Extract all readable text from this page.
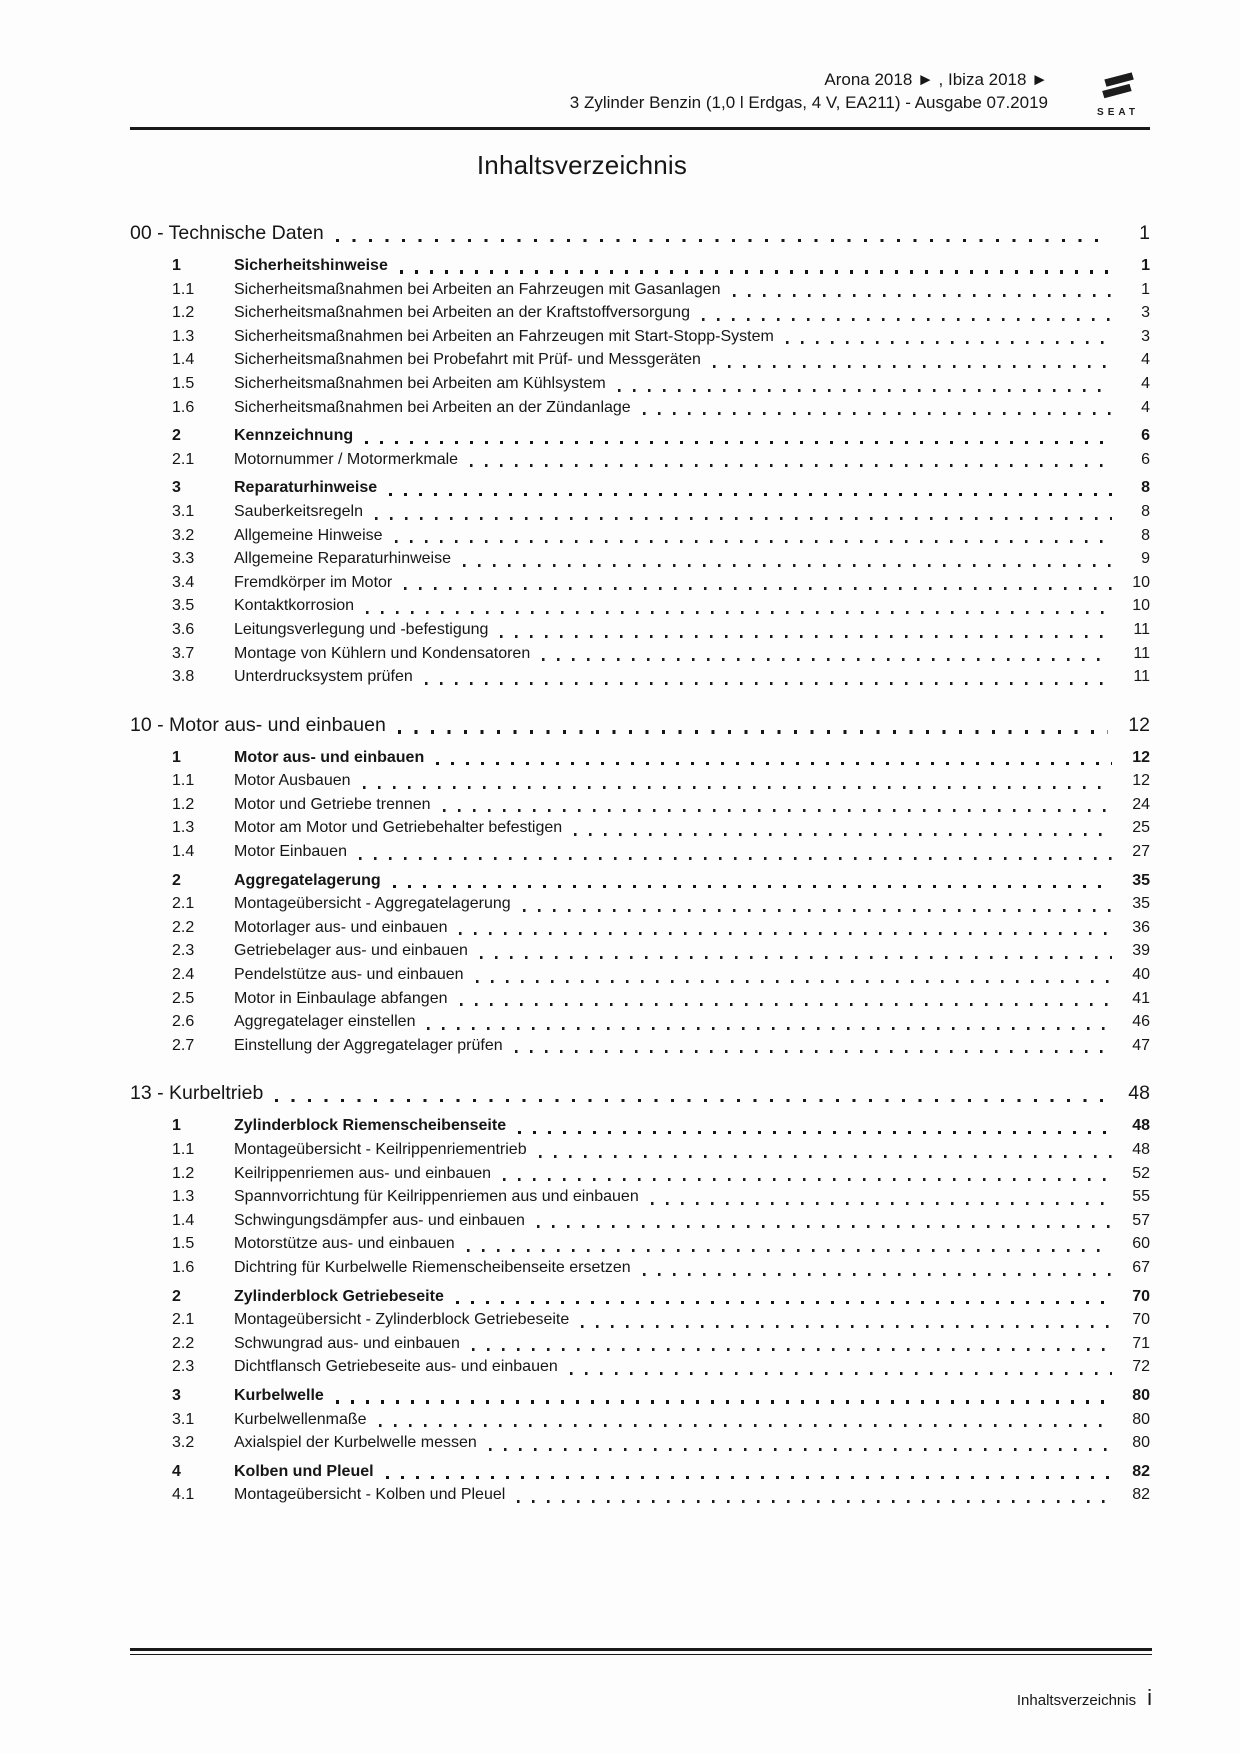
Arona 2018 ► , Ibiza 2018 ►
3 Zylinder Benzin (1,0 l Erdgas, 4 V, EA211) - Ausgabe 07.2019
SEAT
Inhaltsverzeichnis
00 - Technische Daten	1
1	Sicherheitshinweise	1
1.1	Sicherheitsmaßnahmen bei Arbeiten an Fahrzeugen mit Gasanlagen	1
1.2	Sicherheitsmaßnahmen bei Arbeiten an der Kraftstoffversorgung	3
1.3	Sicherheitsmaßnahmen bei Arbeiten an Fahrzeugen mit Start-Stopp-System	3
1.4	Sicherheitsmaßnahmen bei Probefahrt mit Prüf- und Messgeräten	4
1.5	Sicherheitsmaßnahmen bei Arbeiten am Kühlsystem	4
1.6	Sicherheitsmaßnahmen bei Arbeiten an der Zündanlage	4
2	Kennzeichnung	6
2.1	Motornummer / Motormerkmale	6
3	Reparaturhinweise	8
3.1	Sauberkeitsregeln	8
3.2	Allgemeine Hinweise	8
3.3	Allgemeine Reparaturhinweise	9
3.4	Fremdkörper im Motor	10
3.5	Kontaktkorrosion	10
3.6	Leitungsverlegung und -befestigung	11
3.7	Montage von Kühlern und Kondensatoren	11
3.8	Unterdrucksystem prüfen	11
10 - Motor aus- und einbauen	12
1	Motor aus- und einbauen	12
1.1	Motor Ausbauen	12
1.2	Motor und Getriebe trennen	24
1.3	Motor am Motor und Getriebehalter befestigen	25
1.4	Motor Einbauen	27
2	Aggregatelagerung	35
2.1	Montageübersicht - Aggregatelagerung	35
2.2	Motorlager aus- und einbauen	36
2.3	Getriebelager aus- und einbauen	39
2.4	Pendelstütze aus- und einbauen	40
2.5	Motor in Einbaulage abfangen	41
2.6	Aggregatelager einstellen	46
2.7	Einstellung der Aggregatelager prüfen	47
13 - Kurbeltrieb	48
1	Zylinderblock Riemenscheibenseite	48
1.1	Montageübersicht - Keilrippenriementrieb	48
1.2	Keilrippenriemen aus- und einbauen	52
1.3	Spannvorrichtung für Keilrippenriemen aus und einbauen	55
1.4	Schwingungsdämpfer aus- und einbauen	57
1.5	Motorstütze aus- und einbauen	60
1.6	Dichtring für Kurbelwelle Riemenscheibenseite ersetzen	67
2	Zylinderblock Getriebeseite	70
2.1	Montageübersicht - Zylinderblock Getriebeseite	70
2.2	Schwungrad aus- und einbauen	71
2.3	Dichtflansch Getriebeseite aus- und einbauen	72
3	Kurbelwelle	80
3.1	Kurbelwellenmaße	80
3.2	Axialspiel der Kurbelwelle messen	80
4	Kolben und Pleuel	82
4.1	Montageübersicht - Kolben und Pleuel	82
Inhaltsverzeichnis i
